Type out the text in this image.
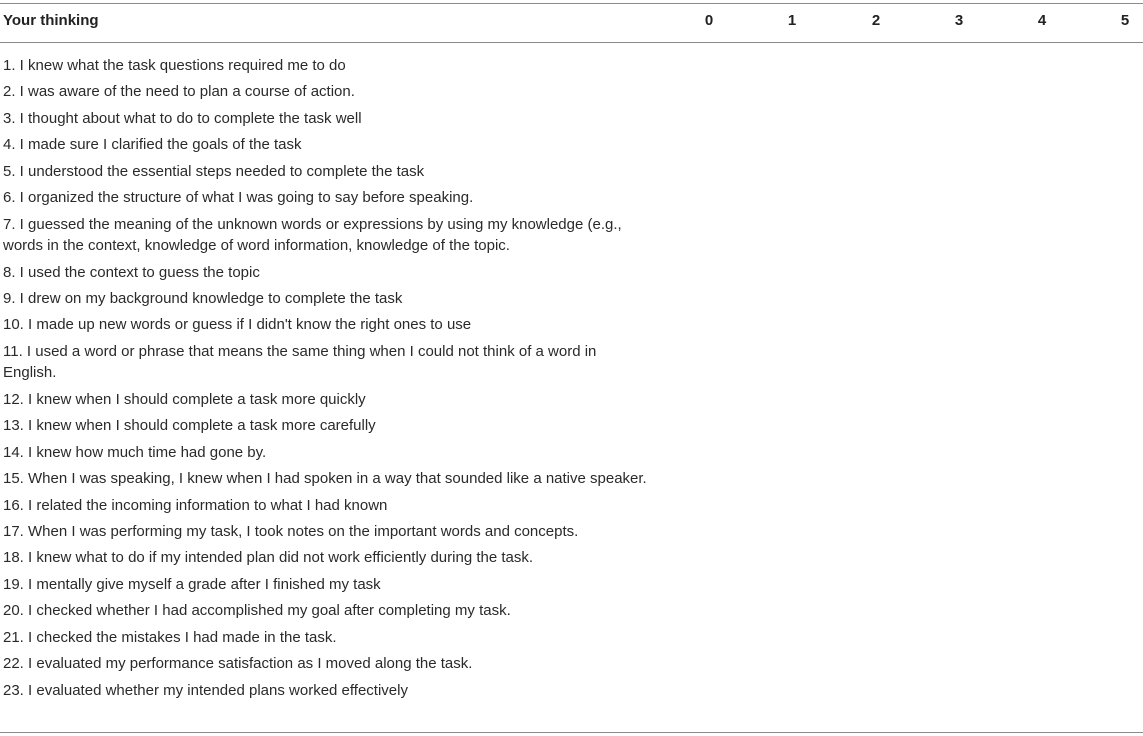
Your thinking	0	1	2	3	4	5
1. I knew what the task questions required me to do
2. I was aware of the need to plan a course of action.
3. I thought about what to do to complete the task well
4. I made sure I clarified the goals of the task
5. I understood the essential steps needed to complete the task
6. I organized the structure of what I was going to say before speaking.
7. I guessed the meaning of the unknown words or expressions by using my knowledge (e.g., words in the context, knowledge of word information, knowledge of the topic.
8. I used the context to guess the topic
9. I drew on my background knowledge to complete the task
10. I made up new words or guess if I didn't know the right ones to use
11. I used a word or phrase that means the same thing when I could not think of a word in English.
12. I knew when I should complete a task more quickly
13. I knew when I should complete a task more carefully
14. I knew how much time had gone by.
15. When I was speaking, I knew when I had spoken in a way that sounded like a native speaker.
16. I related the incoming information to what I had known
17. When I was performing my task, I took notes on the important words and concepts.
18. I knew what to do if my intended plan did not work efficiently during the task.
19. I mentally give myself a grade after I finished my task
20. I checked whether I had accomplished my goal after completing my task.
21. I checked the mistakes I had made in the task.
22. I evaluated my performance satisfaction as I moved along the task.
23. I evaluated whether my intended plans worked effectively
